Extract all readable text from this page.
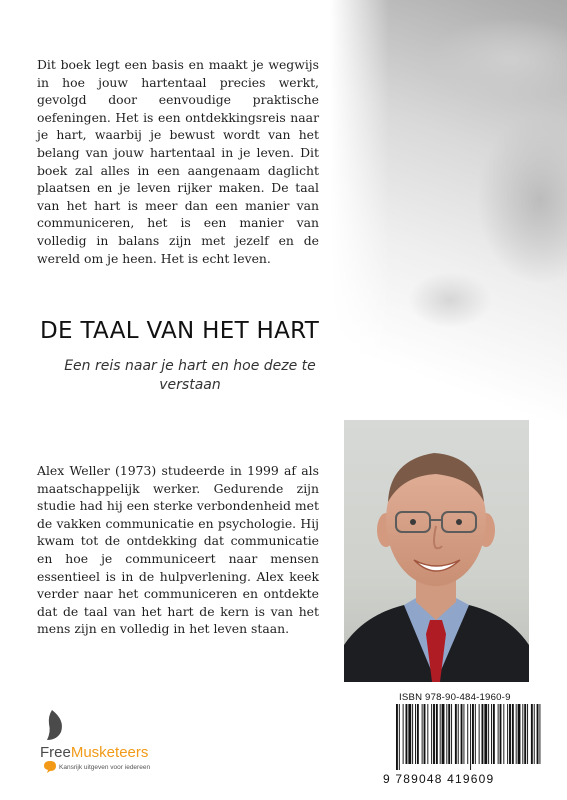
Dit boek legt een basis en maakt je wegwijs in hoe jouw hartentaal precies werkt, gevolgd door eenvoudige praktische oefeningen. Het is een ontdekkingsreis naar je hart, waarbij je bewust wordt van het belang van jouw hartentaal in je leven. Dit boek zal alles in een aangenaam daglicht plaatsen en je leven rijker maken. De taal van het hart is meer dan een manier van communiceren, het is een manier van volledig in balans zijn met jezelf en de wereld om je heen. Het is echt leven.

DE TAAL VAN HET HART

Een reis naar je hart en hoe deze te verstaan

Alex Weller (1973) studeerde in 1999 af als maatschappelijk werker. Gedurende zijn studie had hij een sterke verbondenheid met de vakken communicatie en psychologie. Hij kwam tot de ontdekking dat communicatie en hoe je communiceert naar mensen essentieel is in de hulpverlening. Alex keek verder naar het communiceren en ontdekte dat de taal van het hart de kern is van het mens zijn en volledig in het leven staan.

ISBN 978-90-484-1960-9
9 789048 419609
FreeMusketeers
Kansrijk uitgeven voor iedereen
